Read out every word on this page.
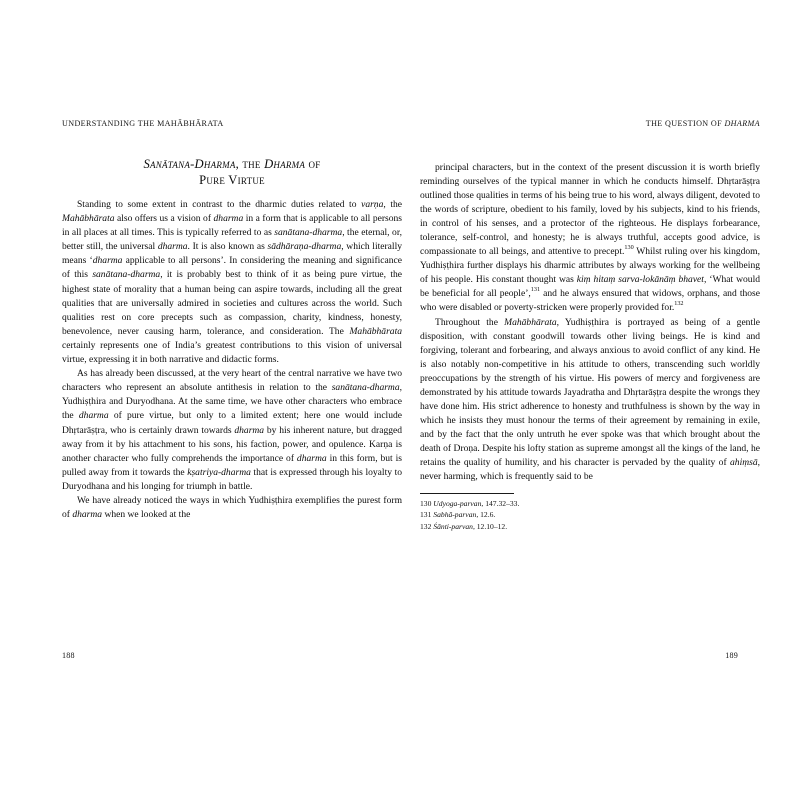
UNDERSTANDING THE MAHĀBHĀRATA
Sanātana-Dharma, the Dharma of
Pure Virtue

Standing to some extent in contrast to the dharmic duties related to varṇa, the Mahābhārata also offers us a vision of dharma in a form that is applicable to all persons in all places at all times. This is typically referred to as sanātana-dharma, the eternal, or, better still, the universal dharma. It is also known as sādhāraṇa-dharma, which literally means ‘dharma applicable to all persons’. In considering the meaning and significance of this sanātana-dharma, it is probably best to think of it as being pure virtue, the highest state of morality that a human being can aspire towards, including all the great qualities that are universally admired in societies and cultures across the world. Such qualities rest on core precepts such as compassion, charity, kindness, honesty, benevolence, never causing harm, tolerance, and consideration. The Mahābhārata certainly represents one of India’s greatest contributions to this vision of universal virtue, expressing it in both narrative and didactic forms.

As has already been discussed, at the very heart of the central narrative we have two characters who represent an absolute antithesis in relation to the sanātana-dharma, Yudhiṣṭhira and Duryodhana. At the same time, we have other characters who embrace the dharma of pure virtue, but only to a limited extent; here one would include Dhṛtarāṣṭra, who is certainly drawn towards dharma by his inherent nature, but dragged away from it by his attachment to his sons, his faction, power, and opulence. Karṇa is another character who fully comprehends the importance of dharma in this form, but is pulled away from it towards the kṣatriya-dharma that is expressed through his loyalty to Duryodhana and his longing for triumph in battle.

We have already noticed the ways in which Yudhiṣṭhira exemplifies the purest form of dharma when we looked at the

THE QUESTION OF DHARMA

principal characters, but in the context of the present discussion it is worth briefly reminding ourselves of the typical manner in which he conducts himself. Dhṛtarāṣṭra outlined those qualities in terms of his being true to his word, always diligent, devoted to the words of scripture, obedient to his family, loved by his subjects, kind to his friends, in control of his senses, and a protector of the righteous. He displays forbearance, tolerance, self-control, and honesty; he is always truthful, accepts good advice, is compassionate to all beings, and attentive to precept.$^{130}$ Whilst ruling over his kingdom, Yudhiṣṭhira further displays his dharmic attributes by always working for the wellbeing of his people. His constant thought was kiṃ hitaṃ sarva-lokānāṃ bhavet, ‘What would be beneficial for all people’,$^{131}$ and he always ensured that widows, orphans, and those who were disabled or poverty-stricken were properly provided for.$^{132}$

Throughout the Mahābhārata, Yudhiṣṭhira is portrayed as being of a gentle disposition, with constant goodwill towards other living beings. He is kind and forgiving, tolerant and forbearing, and always anxious to avoid conflict of any kind. He is also notably non-competitive in his attitude to others, transcending such worldly preoccupations by the strength of his virtue. His powers of mercy and forgiveness are demonstrated by his attitude towards Jayadratha and Dhṛtarāṣṭra despite the wrongs they have done him. His strict adherence to honesty and truthfulness is shown by the way in which he insists they must honour the terms of their agreement by remaining in exile, and by the fact that the only untruth he ever spoke was that which brought about the death of Droṇa. Despite his lofty station as supreme amongst all the kings of the land, he retains the quality of humility, and his character is pervaded by the quality of ahiṃsā, never harming, which is frequently said to be

130 Udyoga-parvan, 147.32–33.
131 Sabhā-parvan, 12.6.
132 Śānti-parvan, 12.10–12.
188	189
